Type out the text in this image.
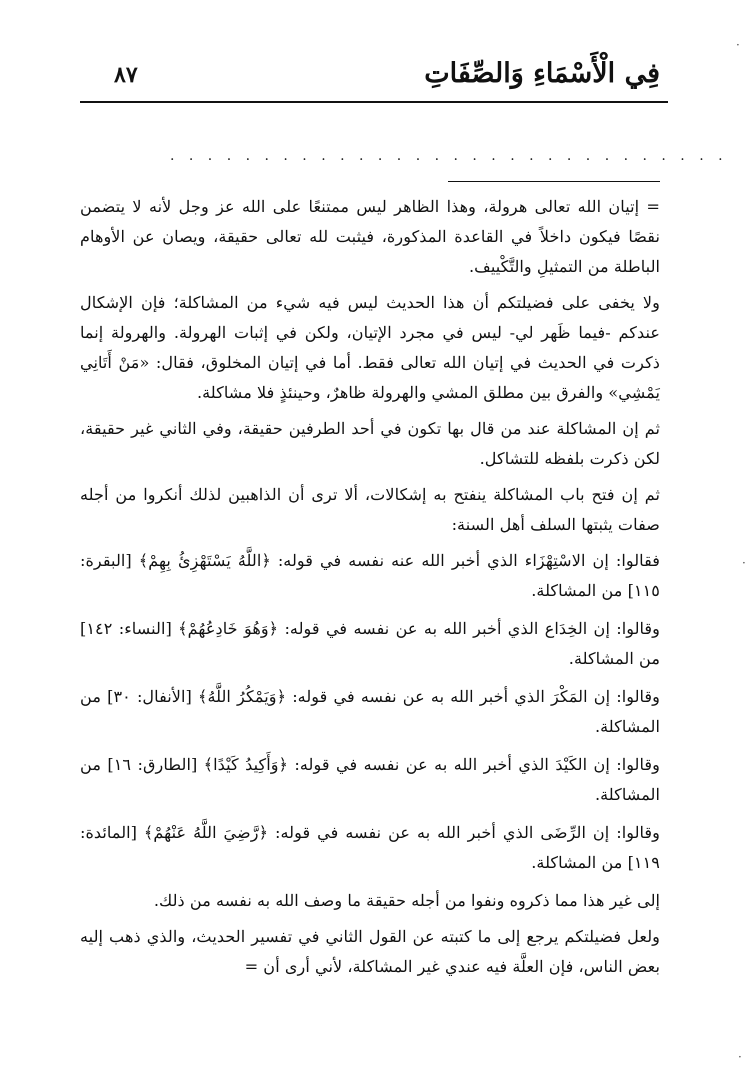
فِي الْأَسْمَاءِ وَالصِّفَاتِ
٨٧
. . . . . . . . . . . . . . . . . . . . . . . . . . . . . .

= إتيان الله تعالى هرولة، وهذا الظاهر ليس ممتنعًا على الله عز وجل لأنه لا يتضمن نقصًا فيكون داخلاً في القاعدة المذكورة، فيثبت لله تعالى حقيقة، ويصان عن الأوهام الباطلة من التمثيلِ والتَّكْييف.

ولا يخفى على فضيلتكم أن هذا الحديث ليس فيه شيء من المشاكلة؛ فإن الإشكال عندكم -فيما ظَهر لي- ليس في مجرد الإتيان، ولكن في إثبات الهرولة. والهرولة إنما ذكرت في الحديث في إتيان الله تعالى فقط. أما في إتيان المخلوق، فقال: «مَنْ أَتَانِي يَمْشِي» والفرق بين مطلق المشي والهرولة ظاهرٌ، وحينئذٍ فلا مشاكلة.

ثم إن المشاكلة عند من قال بها تكون في أحد الطرفين حقيقة، وفي الثاني غير حقيقة، لكن ذكرت بلفظه للتشاكل.

ثم إن فتح باب المشاكلة ينفتح به إشكالات، ألا ترى أن الذاهبين لذلك أنكروا من أجله صفات يثبتها السلف أهل السنة:

فقالوا: إن الاسْتِهْزَاء الذي أخبر الله عنه نفسه في قوله: ﴿اللَّهُ يَسْتَهْزِئُ بِهِمْ﴾ [البقرة: ١١٥] من المشاكلة.

وقالوا: إن الخِدَاع الذي أخبر الله به عن نفسه في قوله: ﴿وَهُوَ خَادِعُهُمْ﴾ [النساء: ١٤٢] من المشاكلة.

وقالوا: إن المَكْرَ الذي أخبر الله به عن نفسه في قوله: ﴿وَيَمْكُرُ اللَّهُ﴾ [الأنفال: ٣٠] من المشاكلة.

وقالوا: إن الكَيْدَ الذي أخبر الله به عن نفسه في قوله: ﴿وَأَكِيدُ كَيْدًا﴾ [الطارق: ١٦] من المشاكلة.

وقالوا: إن الرِّضَى الذي أخبر الله به عن نفسه في قوله: ﴿رَّضِيَ اللَّهُ عَنْهُمْ﴾ [المائدة: ١١٩] من المشاكلة.

إلى غير هذا مما ذكروه ونفوا من أجله حقيقة ما وصف الله به نفسه من ذلك.

ولعل فضيلتكم يرجع إلى ما كتبته عن القول الثاني في تفسير الحديث، والذي ذهب إليه بعض الناس، فإن العلَّة فيه عندي غير المشاكلة، لأني أرى أن =

·
·
·
